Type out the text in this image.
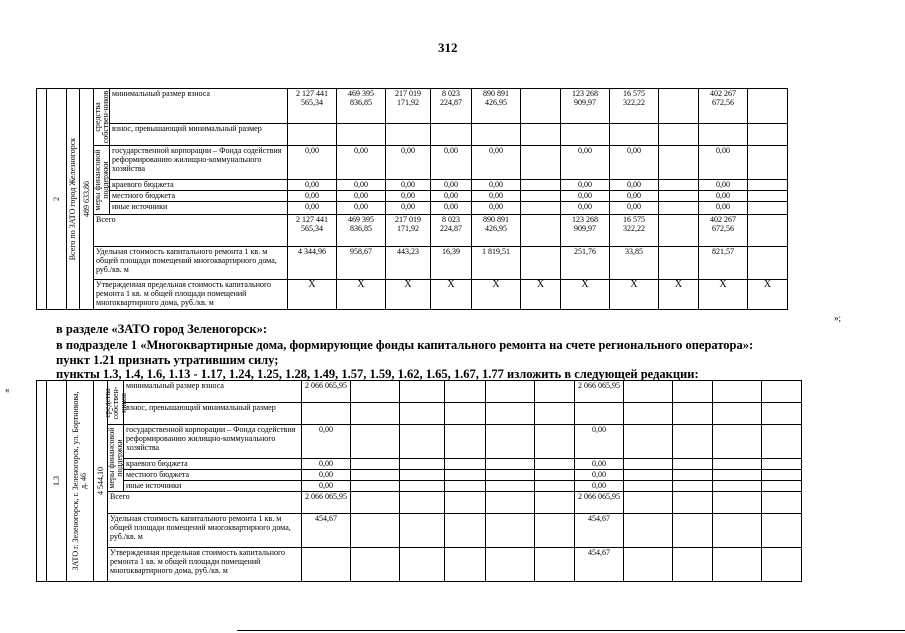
312

	2	Всего по ЗАТО город Железногорск	489 633,86	средства собствен-ников	минимальный размер взноса	2 127 441 565,34	469 395 836,85	217 019 171,92	8 023 224,87	890 891 426,95		123 268 909,97	16 575 322,22		402 267 672,56	
					взнос, превышающий минимальный размер											

				меры финансовой поддержки	государственной корпорации – Фонда содействия реформированию жилищно-коммунального хозяйства	0,00	0,00	0,00	0,00	0,00		0,00	0,00		0,00	
					краевого бюджета	0,00	0,00	0,00	0,00	0,00		0,00	0,00		0,00	
					местного бюджета	0,00	0,00	0,00	0,00	0,00		0,00	0,00		0,00	
					иные источники	0,00	0,00	0,00	0,00	0,00		0,00	0,00		0,00	
				Всего		2 127 441 565,34	469 395 836,85	217 019 171,92	8 023 224,87	890 891 426,95		123 268 909,97	16 575 322,22		402 267 672,56	
				Удельная стоимость капитального ремонта 1 кв. м общей площади помещений многоквартирного дома, руб./кв. м		4 344,96	958,67	443,23	16,39	1 819,51		251,76	33,85		821,57	
				Утвержденная предельная стоимость капитального ремонта 1 кв. м общей площади помещений многоквартирного дома, руб./кв. м		X	X	X	X	X	X	X	X	X	X	X
»;
в разделе «ЗАТО город Зеленогорск»:
в подразделе 1 «Многоквартирные дома, формирующие фонды капитального ремонта на счете регионального оператора»:
пункт 1.21 признать утратившим силу;
пункты 1.3, 1.4, 1.6, 1.13 - 1.17, 1.24, 1.25, 1.28, 1.49, 1.57, 1.59, 1.62, 1.65, 1.67, 1.77 изложить в следующей редакции:
«

	1.3	ЗАТО г. Зеленогорск, г. Зеленогорск, ул. Бортникова, д. 46	4 544,10	средства собствен-ников	минимальный размер взноса	2 066 065,95						2 066 065,95				
					взнос, превышающий минимальный размер											

				меры финансовой поддержки	государственной корпорации – Фонда содействия реформированию жилищно-коммунального хозяйства	0,00						0,00				
					краевого бюджета	0,00						0,00				
					местного бюджета	0,00						0,00				
					иные источники	0,00						0,00				
				Всего		2 066 065,95						2 066 065,95				
				Удельная стоимость капитального ремонта 1 кв. м общей площади помещений многоквартирного дома, руб./кв. м		454,67						454,67				
				Утвержденная предельная стоимость капитального ремонта 1 кв. м общей площади помещений многоквартирного дома, руб./кв. м								454,67				
